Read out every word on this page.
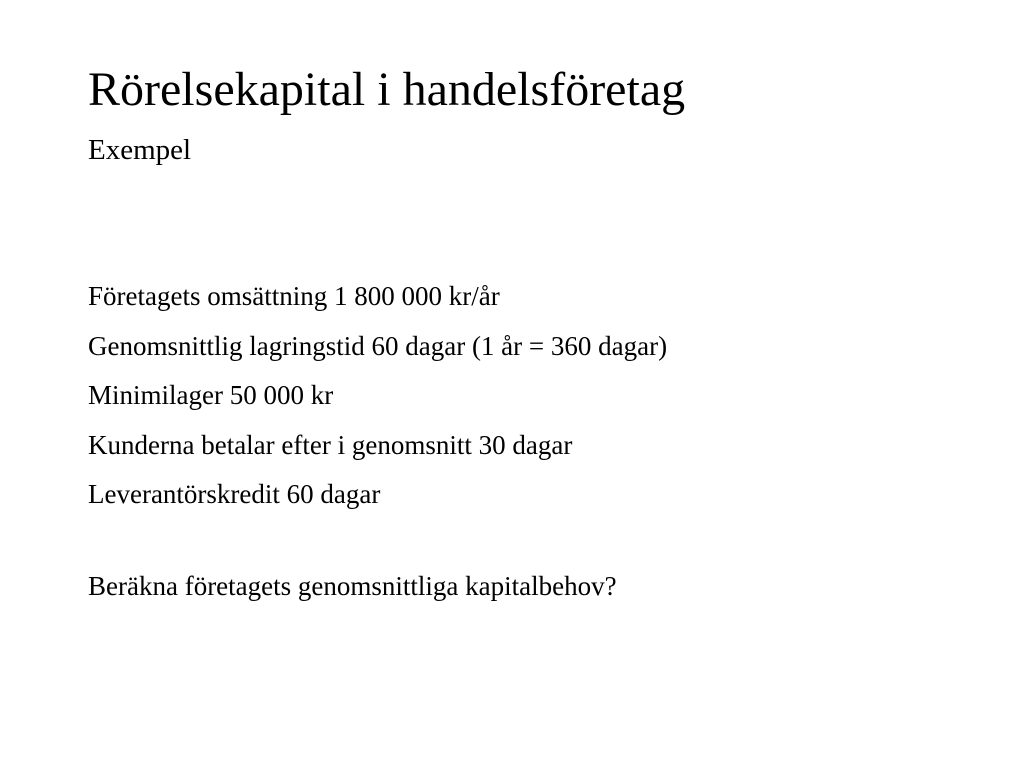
Rörelsekapital i handelsföretag
Exempel
Företagets omsättning 1 800 000 kr/år
Genomsnittlig lagringstid 60 dagar (1 år = 360 dagar)
Minimilager 50 000 kr
Kunderna betalar efter i genomsnitt 30 dagar
Leverantörskredit 60 dagar

Beräkna företagets genomsnittliga kapitalbehov?
